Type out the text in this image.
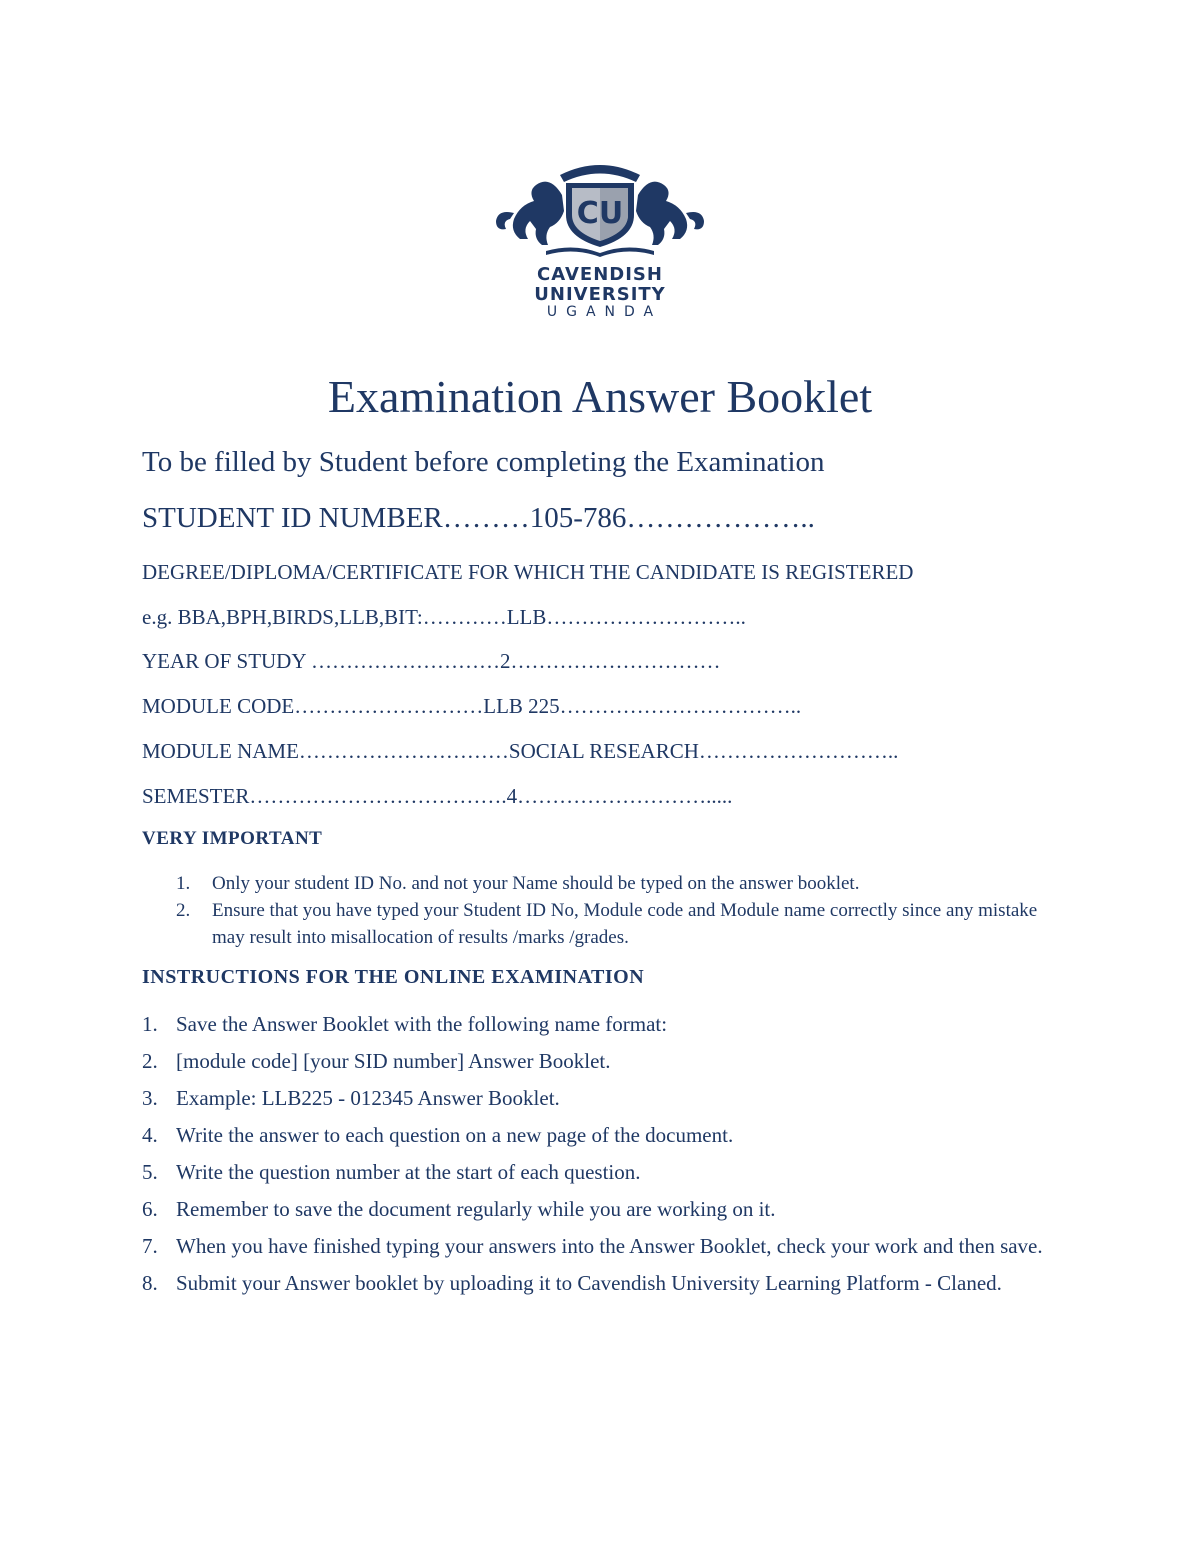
CU
CAVENDISH
UNIVERSITY
UGANDA
Examination Answer Booklet
To be filled by Student before completing the Examination
STUDENT ID NUMBER………105-786………………..
DEGREE/DIPLOMA/CERTIFICATE FOR WHICH THE CANDIDATE IS REGISTERED
e.g. BBA,BPH,BIRDS,LLB,BIT:…………LLB………………………..
YEAR OF STUDY ………………………2…………………………
MODULE CODE………………………LLB 225……………………………..
MODULE NAME…………………………SOCIAL RESEARCH………………………..
SEMESTER……………………………….4……………………….....
VERY IMPORTANT
1. Only your student ID No. and not your Name should be typed on the answer booklet.
2. Ensure that you have typed your Student ID No, Module code and Module name correctly since any mistake may result into misallocation of results /marks /grades.
INSTRUCTIONS FOR THE ONLINE EXAMINATION
1. Save the Answer Booklet with the following name format:
2. [module code] [your SID number] Answer Booklet.
3. Example: LLB225 - 012345 Answer Booklet.
4. Write the answer to each question on a new page of the document.
5. Write the question number at the start of each question.
6. Remember to save the document regularly while you are working on it.
7. When you have finished typing your answers into the Answer Booklet, check your work and then save.
8. Submit your Answer booklet by uploading it to Cavendish University Learning Platform - Claned.
